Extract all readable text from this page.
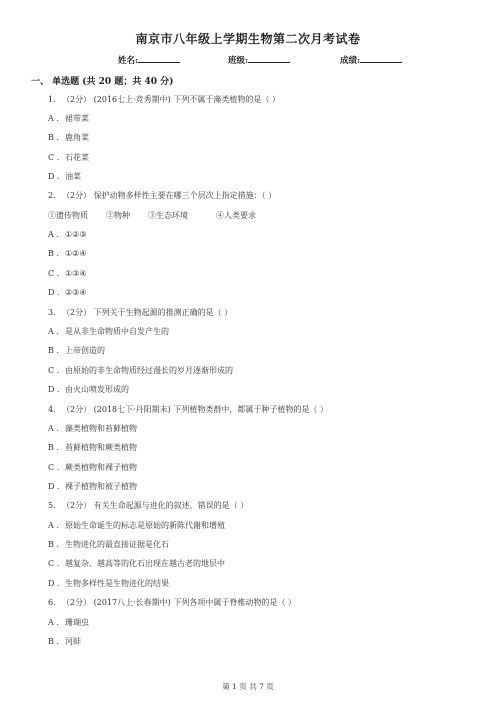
南京市八年级上学期生物第二次月考试卷
姓名:	班级:	成绩:
一、 单选题 (共 20 题；共 40 分)
1. （2分） (2016七上·竞秀期中) 下列不属于藻类植物的是（ ）
A . 裙带菜
B . 鹿角菜
C . 石花菜
D . 油菜
2. （2分） 保护动物多样性主要在哪三个层次上指定措施：（ ）
①遗传物质 ②物种 ③生态环境	④人类要求
A . ①②③
B . ①②④
C . ①③④
D . ②③④
3. （2分） 下列关于生物起源的推测正确的是（ ）
A . 是从非生命物质中自发产生的
B . 上帝创造的
C . 由原始的非生命物质经过漫长的岁月逐渐形成的
D . 由火山喷发形成的
4. （2分） (2018七下·丹阳期末) 下列植物类群中，都属于种子植物的是（ ）
A . 藻类植物和苔藓植物
B . 苔藓植物和蕨类植物
C . 蕨类植物和裸子植物
D . 裸子植物和被子植物
5. （2分） 有关生命起源与进化的叙述，错误的是（ ）
A . 原始生命诞生的标志是原始的新陈代谢和增殖
B . 生物进化的最直接证据是化石
C . 越复杂、越高等的化石出现在越古老的地层中
D . 生物多样性是生物进化的结果
6. （2分） (2017八上·长春期中) 下列各项中属于脊椎动物的是（ ）
A . 珊瑚虫
B . 河蚌
第 1 页 共 7 页
